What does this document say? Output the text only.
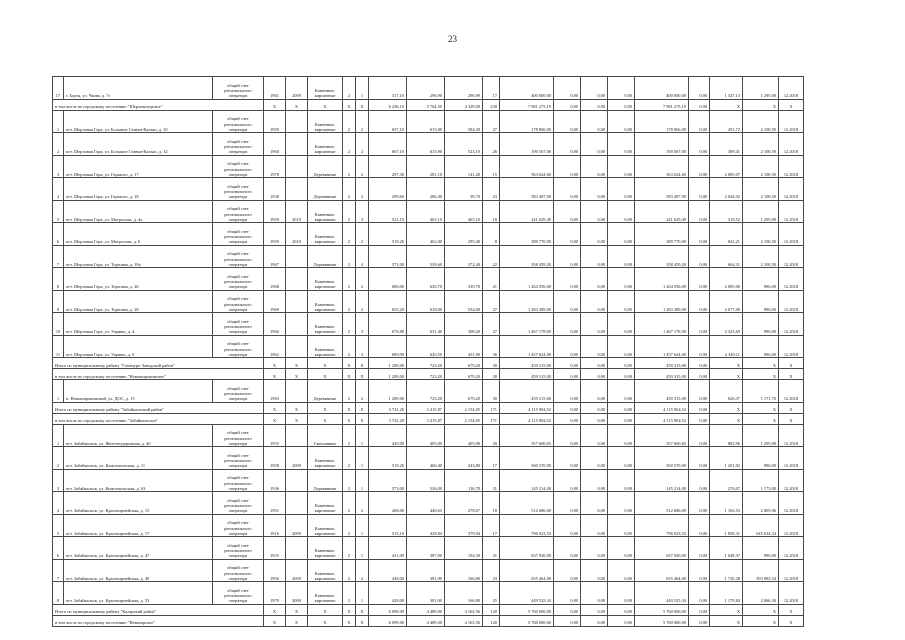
23
17	г. Борзя, ул. Чкова, д. 7г	общий счет регионального оператора	1961	2009	Каменные, кирпичные	2	1	317,10	296,90	296,90	17	400 000,00	0,00	0,00	0,00	400 000,00	0,00	1 347,13	1 295,00	12.2018
в том числе по городскому поселению "Шерловогорское"			X	X	X	X	X	6 236,10	5 764,50	4 329,00	230	7 981 275,19	0,00	0,00	0,00	7 981 275,19	0,00	X	X	X
1	пгт. Шерловая Гора, ул. Большие Ставки-Калько, д. 10	общий счет регионального оператора	1959		Каменные, кирпичные	2	2	657,10	615,00	584,30	27	178 866,00	0,00	0,00	0,00	178 866,00	0,00	291,72	2 100,50	12.2018
2	пгт. Шерловая Гора, ул. Большие Ставки-Калько, д. 12	общий счет регионального оператора	1960		Каменные, кирпичные	2	2	667,10	615,90	523,10	26	190 567,00	0,00	0,00	0,00	190 567,00	0,00	309,41	2 100,50	12.2018
3	пгт. Шерловая Гора, ул. Горького, д. 17	общий счет регионального оператора	1978		Деревянные	2	2	297,30	281,10	141,20	15	563 624,60	0,00	0,00	0,00	563 624,60	0,00	2 005,07	2 100,50	12.2018
4	пгт. Шерловая Гора, ул. Горького, д. 18	общий счет регионального оператора	1938		Деревянные	2	2	299,60	286,40	39,70	23	583 407,90	0,00	0,00	0,00	583 407,90	0,00	2 044,02	2 100,50	12.2018
5	пгт. Шерловая Гора, ул. Матросова, д. 4а	общий счет регионального оператора	1959	2010	Каменные, кирпичные	2	3	521,19	465,10	465,10	18	241 629,49	0,00	0,00	0,00	241 629,49	0,00	519,52	1 295,00	12.2018
6	пгт. Шерловая Гора, ул. Матросова, д. 6	общий счет регионального оператора	1959	2010	Каменные, кирпичные	2	2	519,20	462,00	295,40	8	389 770,00	0,00	0,00	0,00	389 770,00	0,00	842,21	2 100,50	12.2018
7	пгт. Шерловая Гора, ул. Торговая, д. 18а	общий счет регионального оператора	1967		Деревянные	2	4	571,00	539,60	372,40	22	358 459,20	0,00	0,00	0,00	358 459,20	0,00	664,31	2 100,50	12.2018
8	пгт. Шерловая Гора, ул. Торговая, д. 26	общий счет регионального оператора	1968		Каменные, кирпичные	2	2	680,00	630,70	339,70	21	1 264 556,00	0,00	0,00	0,00	1 264 556,00	0,00	2 005,00	986,00	12.2018
9	пгт. Шерловая Гора, ул. Торговая, д. 28	общий счет регионального оператора	1969		Каменные, кирпичные	2	2	655,20	618,00	534,00	27	1 283 389,00	0,00	0,00	0,00	1 283 389,00	0,00	2 077,00	986,00	12.2018
10	пгт. Шерловая Гора, ул. Ущанко, д. 4	общий счет регионального оператора	1966		Каменные, кирпичные	2	3	676,80	631,40	308,20	27	1 467 178,00	0,00	0,00	0,00	1 467 178,00	0,00	2 323,69	986,00	12.2018
11	пгт. Шерловая Гора, ул. Ущанко, д. 6	общий счет регионального оператора	1962		Каменные, кирпичные	2	3	689,90	620,50	451,90	36	1 457 624,00	0,00	0,00	0,00	1 457 624,00	0,00	2 349,11	986,00	12.2018
Итого по муниципальному району "Газимуро-Заводский район"			X	X	X	X	X	1 209,00	723,20	679,20	30	459 315,00	0,00	0,00	0,00	459 315,00	0,00	X	X	X
в том числе по городскому поселению "Новоширокинское"			X	X	X	X	X	1 209,00	723,20	679,20	30	459 315,00	0,00	0,00	0,00	459 315,00	0,00	X	X	X
1	п. Новоширокинский, ул. ДОС, д. 15	общий счет регионального оператора	1983		Деревянные	2	2	1 209,00	723,20	679,20	30	459 315,00	0,00	0,00	0,00	459 315,00	0,00	626,37	1 171,70	12.2018
Итого по муниципальному району "Забайкальский район"			X	X	X	X	X	3 741,20	3 415,87	2 154,05	171	4 115 904,52	0,00	0,00	0,00	4 115 904,52	0,00	X	X	X
в том числе по городскому поселению "Забайкальское"			X	X	X	X	X	3 741,20	3 415,87	2 154,05	171	4 115 904,52	0,00	0,00	0,00	4 115 904,52	0,00	X	X	X
1	пгт. Забайкальск, ул. Железнодорожная, д. 40	общий счет регионального оператора	1955		Смешанные	2	1	429,00	405,00	405,00	20	357 600,65	0,00	0,00	0,00	357 600,65	0,00	882,96	1 295,00	12.2018
2	пгт. Забайкальск, ул. Комсомольская, д. 11	общий счет регионального оператора	1958	2009	Каменные, кирпичные	2	1	519,20	460,40	243,80	17	560 570,00	0,00	0,00	0,00	560 570,00	0,00	1 201,92	986,00	12.2018
3	пгт. Забайкальск, ул. Комсомольская, д. 63	общий счет регионального оператора	1936		Деревянные	2	1	573,00	526,00	116,78	31	145 214,00	0,00	0,00	0,00	145 214,00	0,00	276,07	1 173,00	12.2018
4	пгт. Забайкальск, ул. Красноармейская, д. 15	общий счет регионального оператора	1951		Каменные, кирпичные	2	2	468,00	440,63	278,67	18	512 686,00	0,00	0,00	0,00	512 686,00	0,00	1 163,53	2 805,06	12.2018
5	пгт. Забайкальск, ул. Красноармейская, д. 17	общий счет регионального оператора	1916	2009	Каменные, кирпичные	2	1	515,10	428,84	379,94	17	796 923,53	0,00	0,00	0,00	796 923,53	0,00	1 858,31	645 634,34	12.2018
6	пгт. Забайкальск, ул. Красноармейская, д. 47	общий счет регионального оператора	1935		Каменные, кирпичные	2	1	431,00	387,00	194,30	21	637 920,00	0,00	0,00	0,00	637 920,00	0,00	1 648,37	986,00	12.2018
7	пгт. Забайкальск, ул. Красноармейская, д. 49	общий счет регионального оператора	1956	2009	Каменные, кирпичные	2	2	428,00	381,00	166,80	23	655 464,00	0,00	0,00	0,00	655 464,00	0,00	1 720,38	393 883,34	12.2018
8	пгт. Забайкальск, ул. Красноармейская, д. 53	общий счет регионального оператора	1970	2009	Каменные, кирпичные	2	1	428,00	381,00	166,80	25	449 525,34	0,00	0,00	0,00	449 525,34	0,00	1 179,84	2 866,30	12.2018
Итого по муниципальному району "Каларский район"			X	X	X	X	X	6 099,00	4 489,00	4 163,56	120	5 760 000,00	0,00	0,00	0,00	5 760 000,00	0,00	X	X	X
в том числе по городскому поселению "Новочарское"			X	X	X	X	X	6 099,00	4 489,00	4 163,56	120	5 760 000,00	0,00	0,00	0,00	5 760 000,00	0,00	X	X	X
